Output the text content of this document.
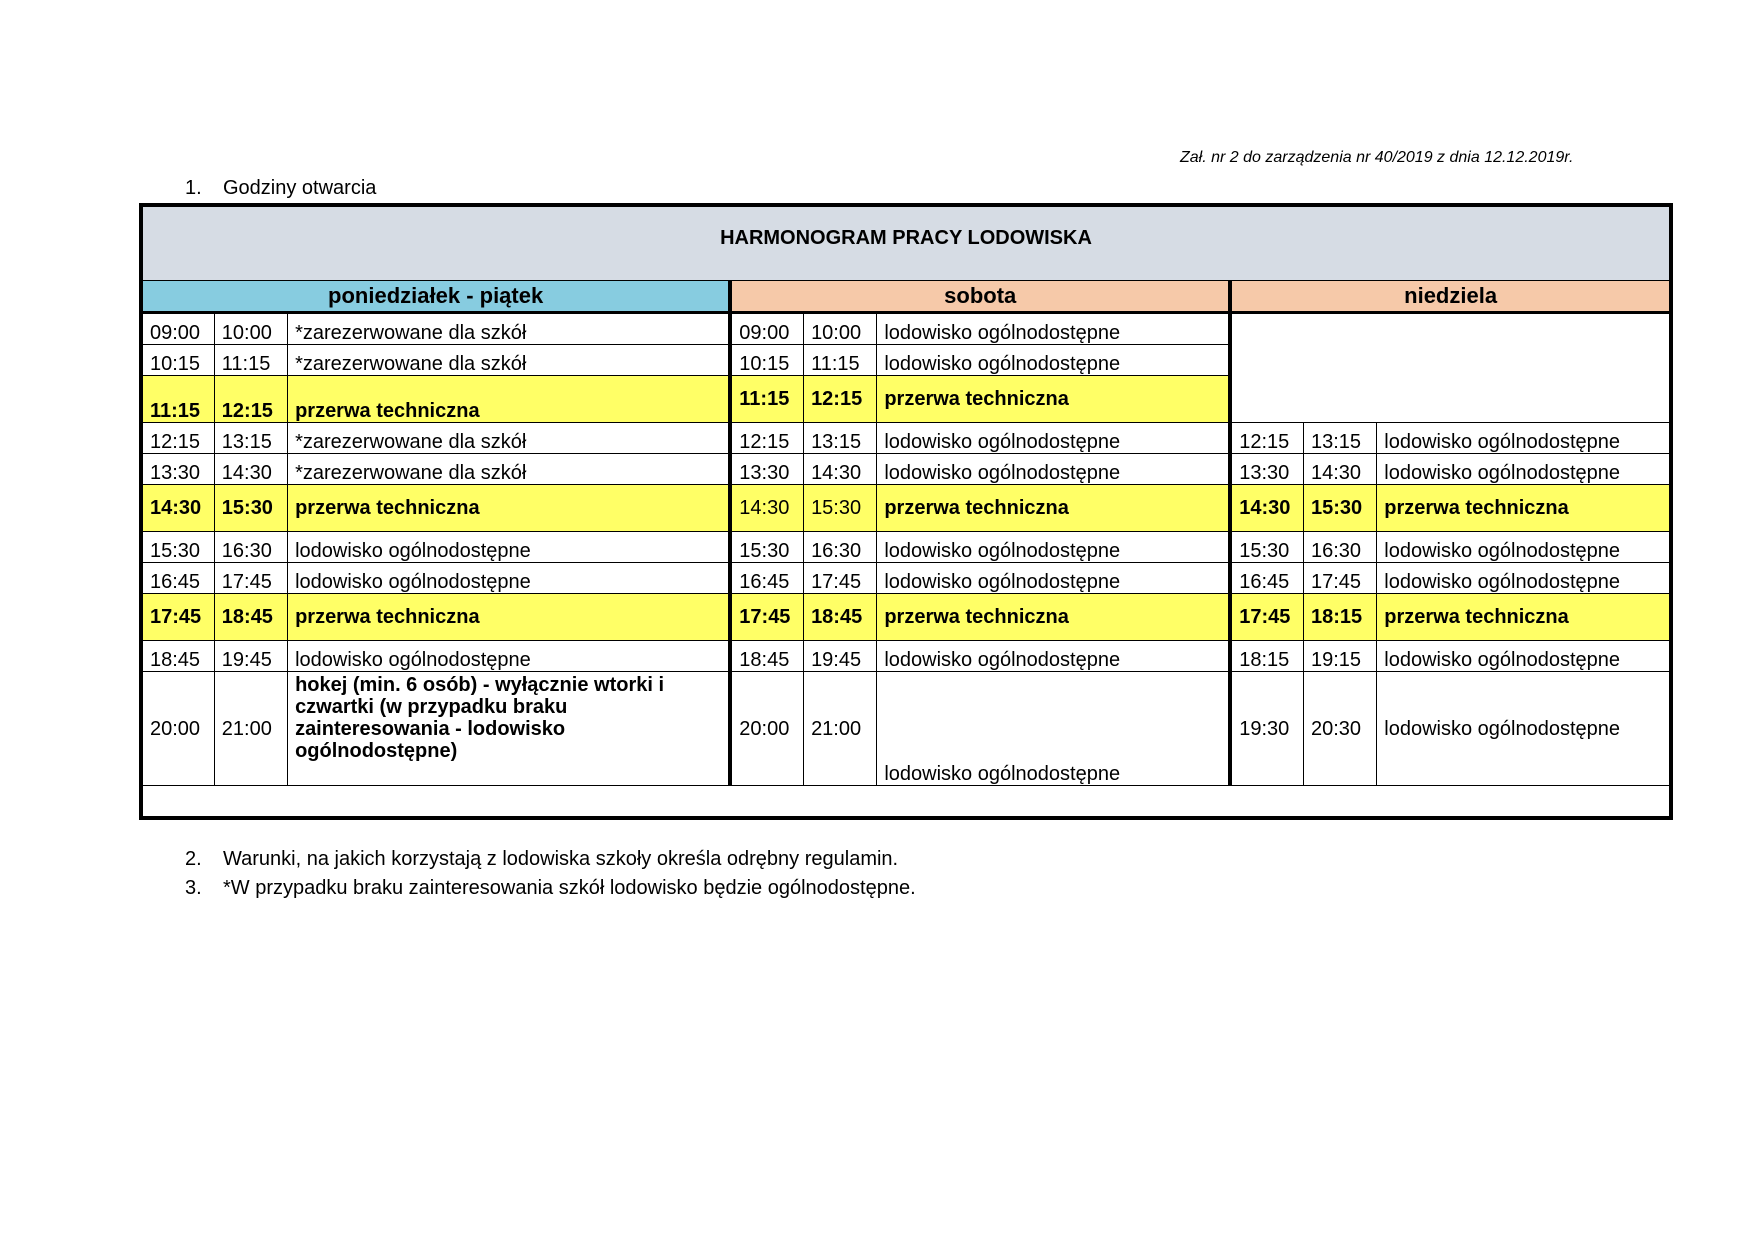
Zał. nr 2 do zarządzenia nr 40/2019 z dnia 12.12.2019r.
1. Godziny otwarcia
HARMONOGRAM PRACY LODOWISKA								
poniedziałek - piątek			sobota			niedziela		
09:00	10:00	*zarezerwowane dla szkół	09:00	10:00	lodowisko ogólnodostępne			
10:15	11:15	*zarezerwowane dla szkół	10:15	11:15	lodowisko ogólnodostępne			
11:15	12:15	przerwa techniczna	11:15	12:15	przerwa techniczna			
12:15	13:15	*zarezerwowane dla szkół	12:15	13:15	lodowisko ogólnodostępne	12:15	13:15	lodowisko ogólnodostępne
13:30	14:30	*zarezerwowane dla szkół	13:30	14:30	lodowisko ogólnodostępne	13:30	14:30	lodowisko ogólnodostępne
14:30	15:30	przerwa techniczna	14:30	15:30	przerwa techniczna	14:30	15:30	przerwa techniczna
15:30	16:30	lodowisko ogólnodostępne	15:30	16:30	lodowisko ogólnodostępne	15:30	16:30	lodowisko ogólnodostępne
16:45	17:45	lodowisko ogólnodostępne	16:45	17:45	lodowisko ogólnodostępne	16:45	17:45	lodowisko ogólnodostępne
17:45	18:45	przerwa techniczna	17:45	18:45	przerwa techniczna	17:45	18:15	przerwa techniczna
18:45	19:45	lodowisko ogólnodostępne	18:45	19:45	lodowisko ogólnodostępne	18:15	19:15	lodowisko ogólnodostępne
20:00	21:00	hokej (min. 6 osób) - wyłącznie wtorki i czwartki (w przypadku braku zainteresowania - lodowisko ogólnodostępne)	20:00	21:00	lodowisko ogólnodostępne	19:30	20:30	lodowisko ogólnodostępne

2. Warunki, na jakich korzystają z lodowiska szkoły określa odrębny regulamin.
3. *W przypadku braku zainteresowania szkół lodowisko będzie ogólnodostępne.
